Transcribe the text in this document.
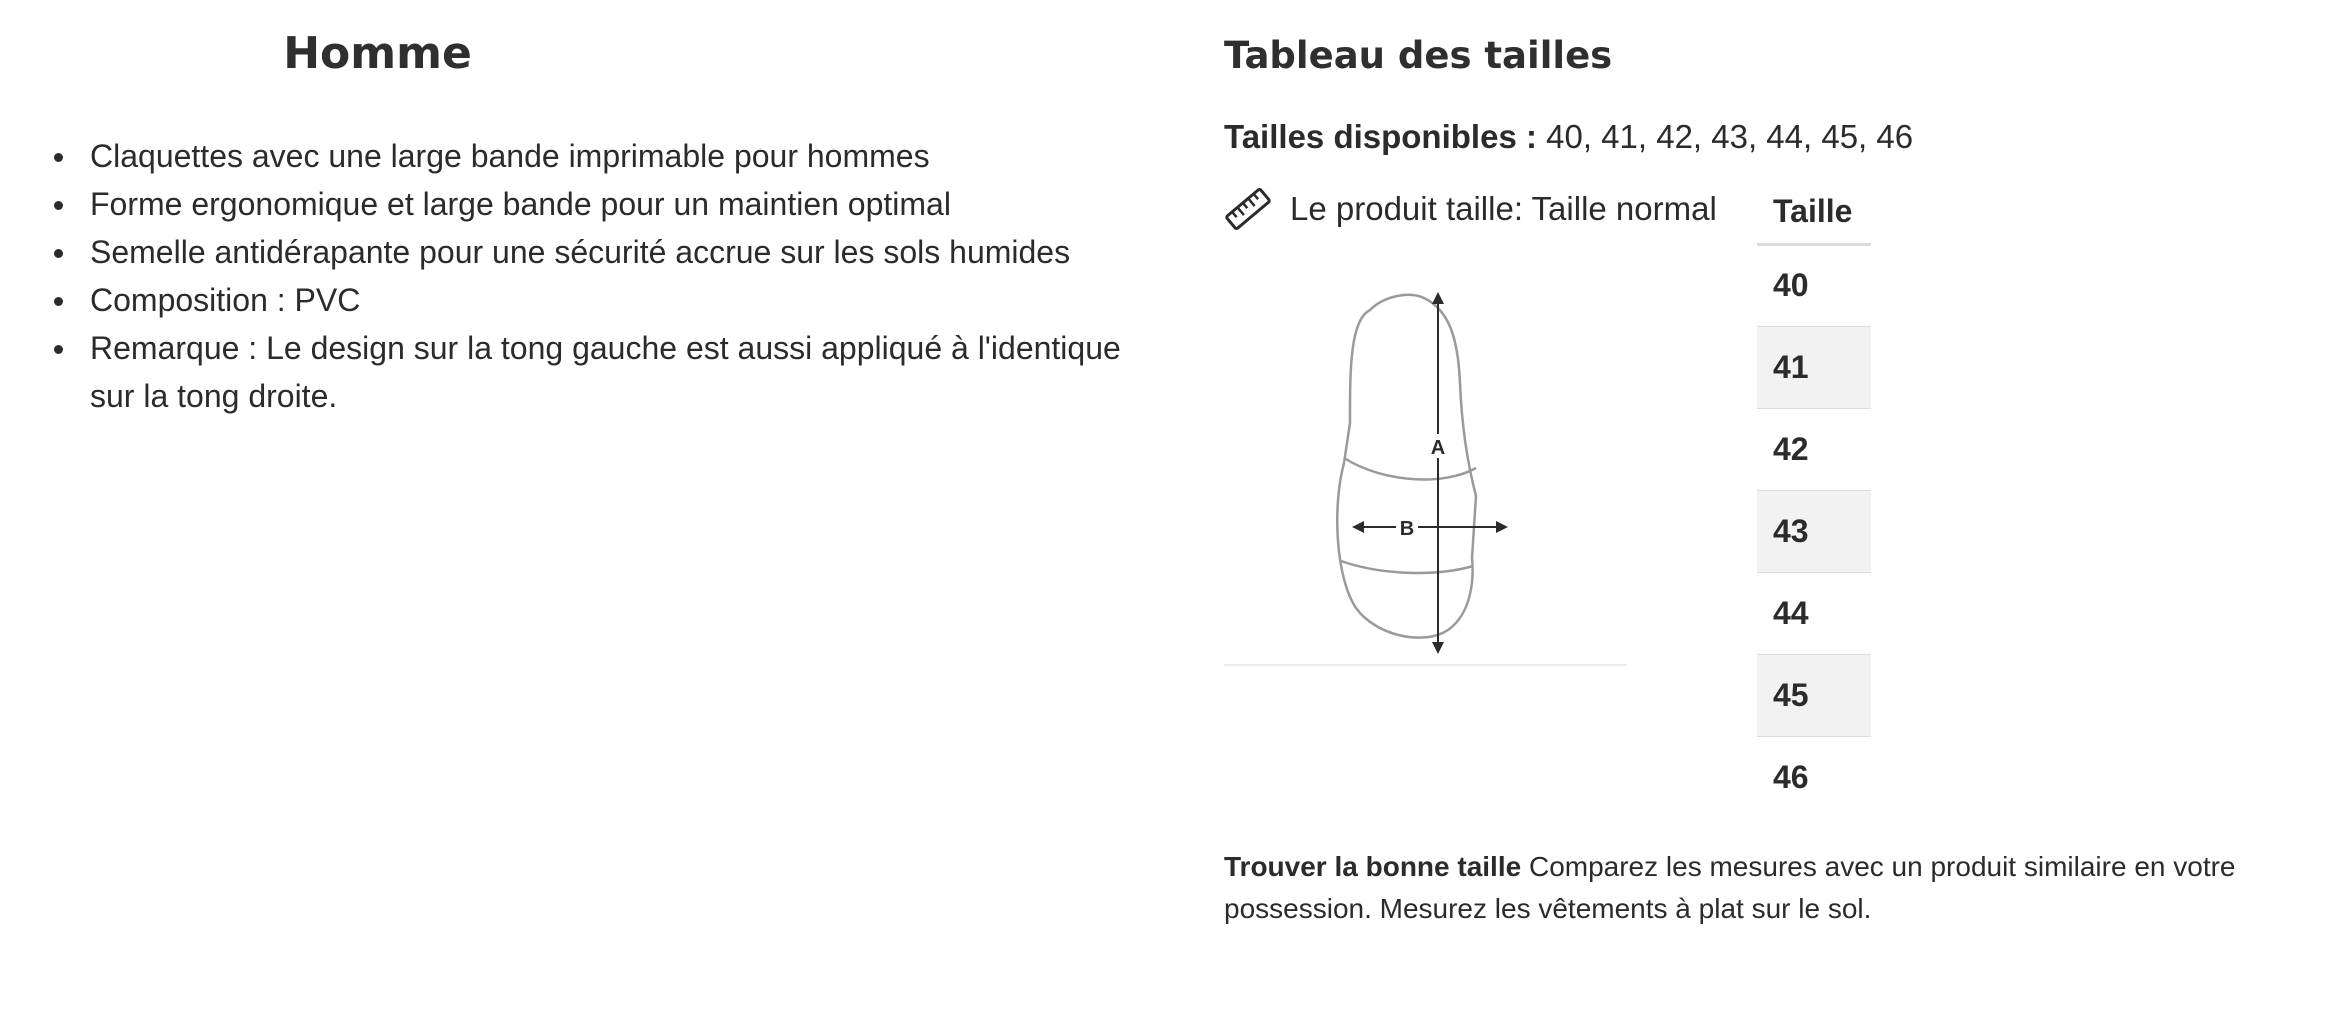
Homme
Claquettes avec une large bande imprimable pour hommes
Forme ergonomique et large bande pour un maintien optimal
Semelle antidérapante pour une sécurité accrue sur les sols humides
Composition : PVC
Remarque : Le design sur la tong gauche est aussi appliqué à l'identique sur la tong droite.
Tableau des tailles

Tailles disponibles : 40, 41, 42, 43, 44, 45, 46

Le produit taille: Taille normal
A
B
Taille
40
41
42
43
44
45
46

Trouver la bonne taille Comparez les mesures avec un produit similaire en votre possession. Mesurez les vêtements à plat sur le sol.
